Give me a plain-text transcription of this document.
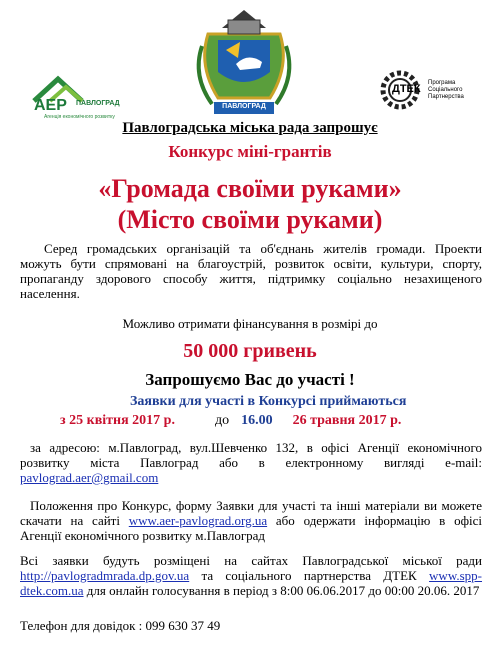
АЕР ПАВЛОГРАД
Агенція економічного розвитку
ПАВЛОГРАД
ДТЕК Програма Соціального Партнерства
Павлоградська міська рада запрошує
Конкурс міні-грантів
«Громада своїми руками»
(Місто своїми руками)
Серед громадських організацій та об'єднань жителів громади. Проекти можуть бути спрямовані на благоустрій, розвиток освіти, культури, спорту, пропаганду здорового способу життя, підтримку соціально незахищеного населення.
Можливо отримати фінансування в розмірі до
50 000 гривень
Запрошуємо Вас до участі !
Заявки для участі в Конкурсі приймаються
з 25 квітня 2017 р.	до 16.00 26 травня 2017 р.
за адресою: м.Павлоград, вул.Шевченко 132, в офісі Агенції економічного розвитку міста Павлоград або в електронному вигляді e-mail: pavlograd.aer@gmail.com
Положення про Конкурс, форму Заявки для участі та інші матеріали ви можете скачати на сайті www.aer-pavlograd.org.ua або одержати інформацію в офісі Агенції економічного розвитку м.Павлоград
Всі заявки будуть розміщені на сайтах Павлоградської міської ради http://pavlogradmrada.dp.gov.ua та соціального партнерства ДТЕК www.spp-dtek.com.ua для онлайн голосування в період з 8:00 06.06.2017 до 00:00 20.06. 2017
Телефон для довідок : 099 630 37 49
